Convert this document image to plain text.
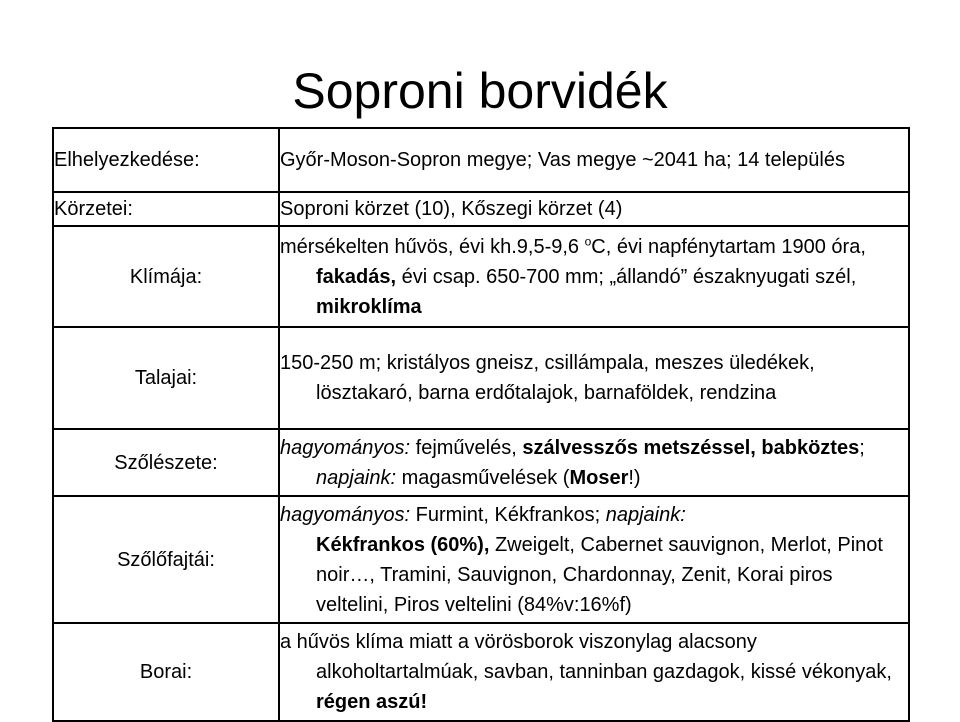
Soproni borvidék
Elhelyezkedése:	Győr-Moson-Sopron megye; Vas megye ~2041 ha; 14 település

Körzetei:	Soproni körzet (10), Kőszegi körzet (4)

Klímája:	mérsékelten hűvös, évi kh.9,5-9,6 $^o$C, évi napfénytartam 1900 óra, fakadás, évi csap. 650-700 mm; „állandó” északnyugati szél, mikroklíma

Talajai:	150-250 m; kristályos gneisz, csillámpala, meszes üledékek, lösztakaró, barna erdőtalajok, barnaföldek, rendzina

Szőlészete:	hagyományos: fejművelés, szálvesszős metszéssel, babköztes; napjaink: magasművelések (Moser!)

Szőlőfajtái:	hagyományos: Furmint, Kékfrankos; napjaink:
Kékfrankos (60%), Zweigelt, Cabernet sauvignon, Merlot, Pinot noir…, Tramini, Sauvignon, Chardonnay, Zenit, Korai piros veltelini, Piros veltelini (84%v:16%f)

Borai:	a hűvös klíma miatt a vörösborok viszonylag alacsony alkoholtartalmúak, savban, tanninban gazdagok, kissé vékonyak, régen aszú!
